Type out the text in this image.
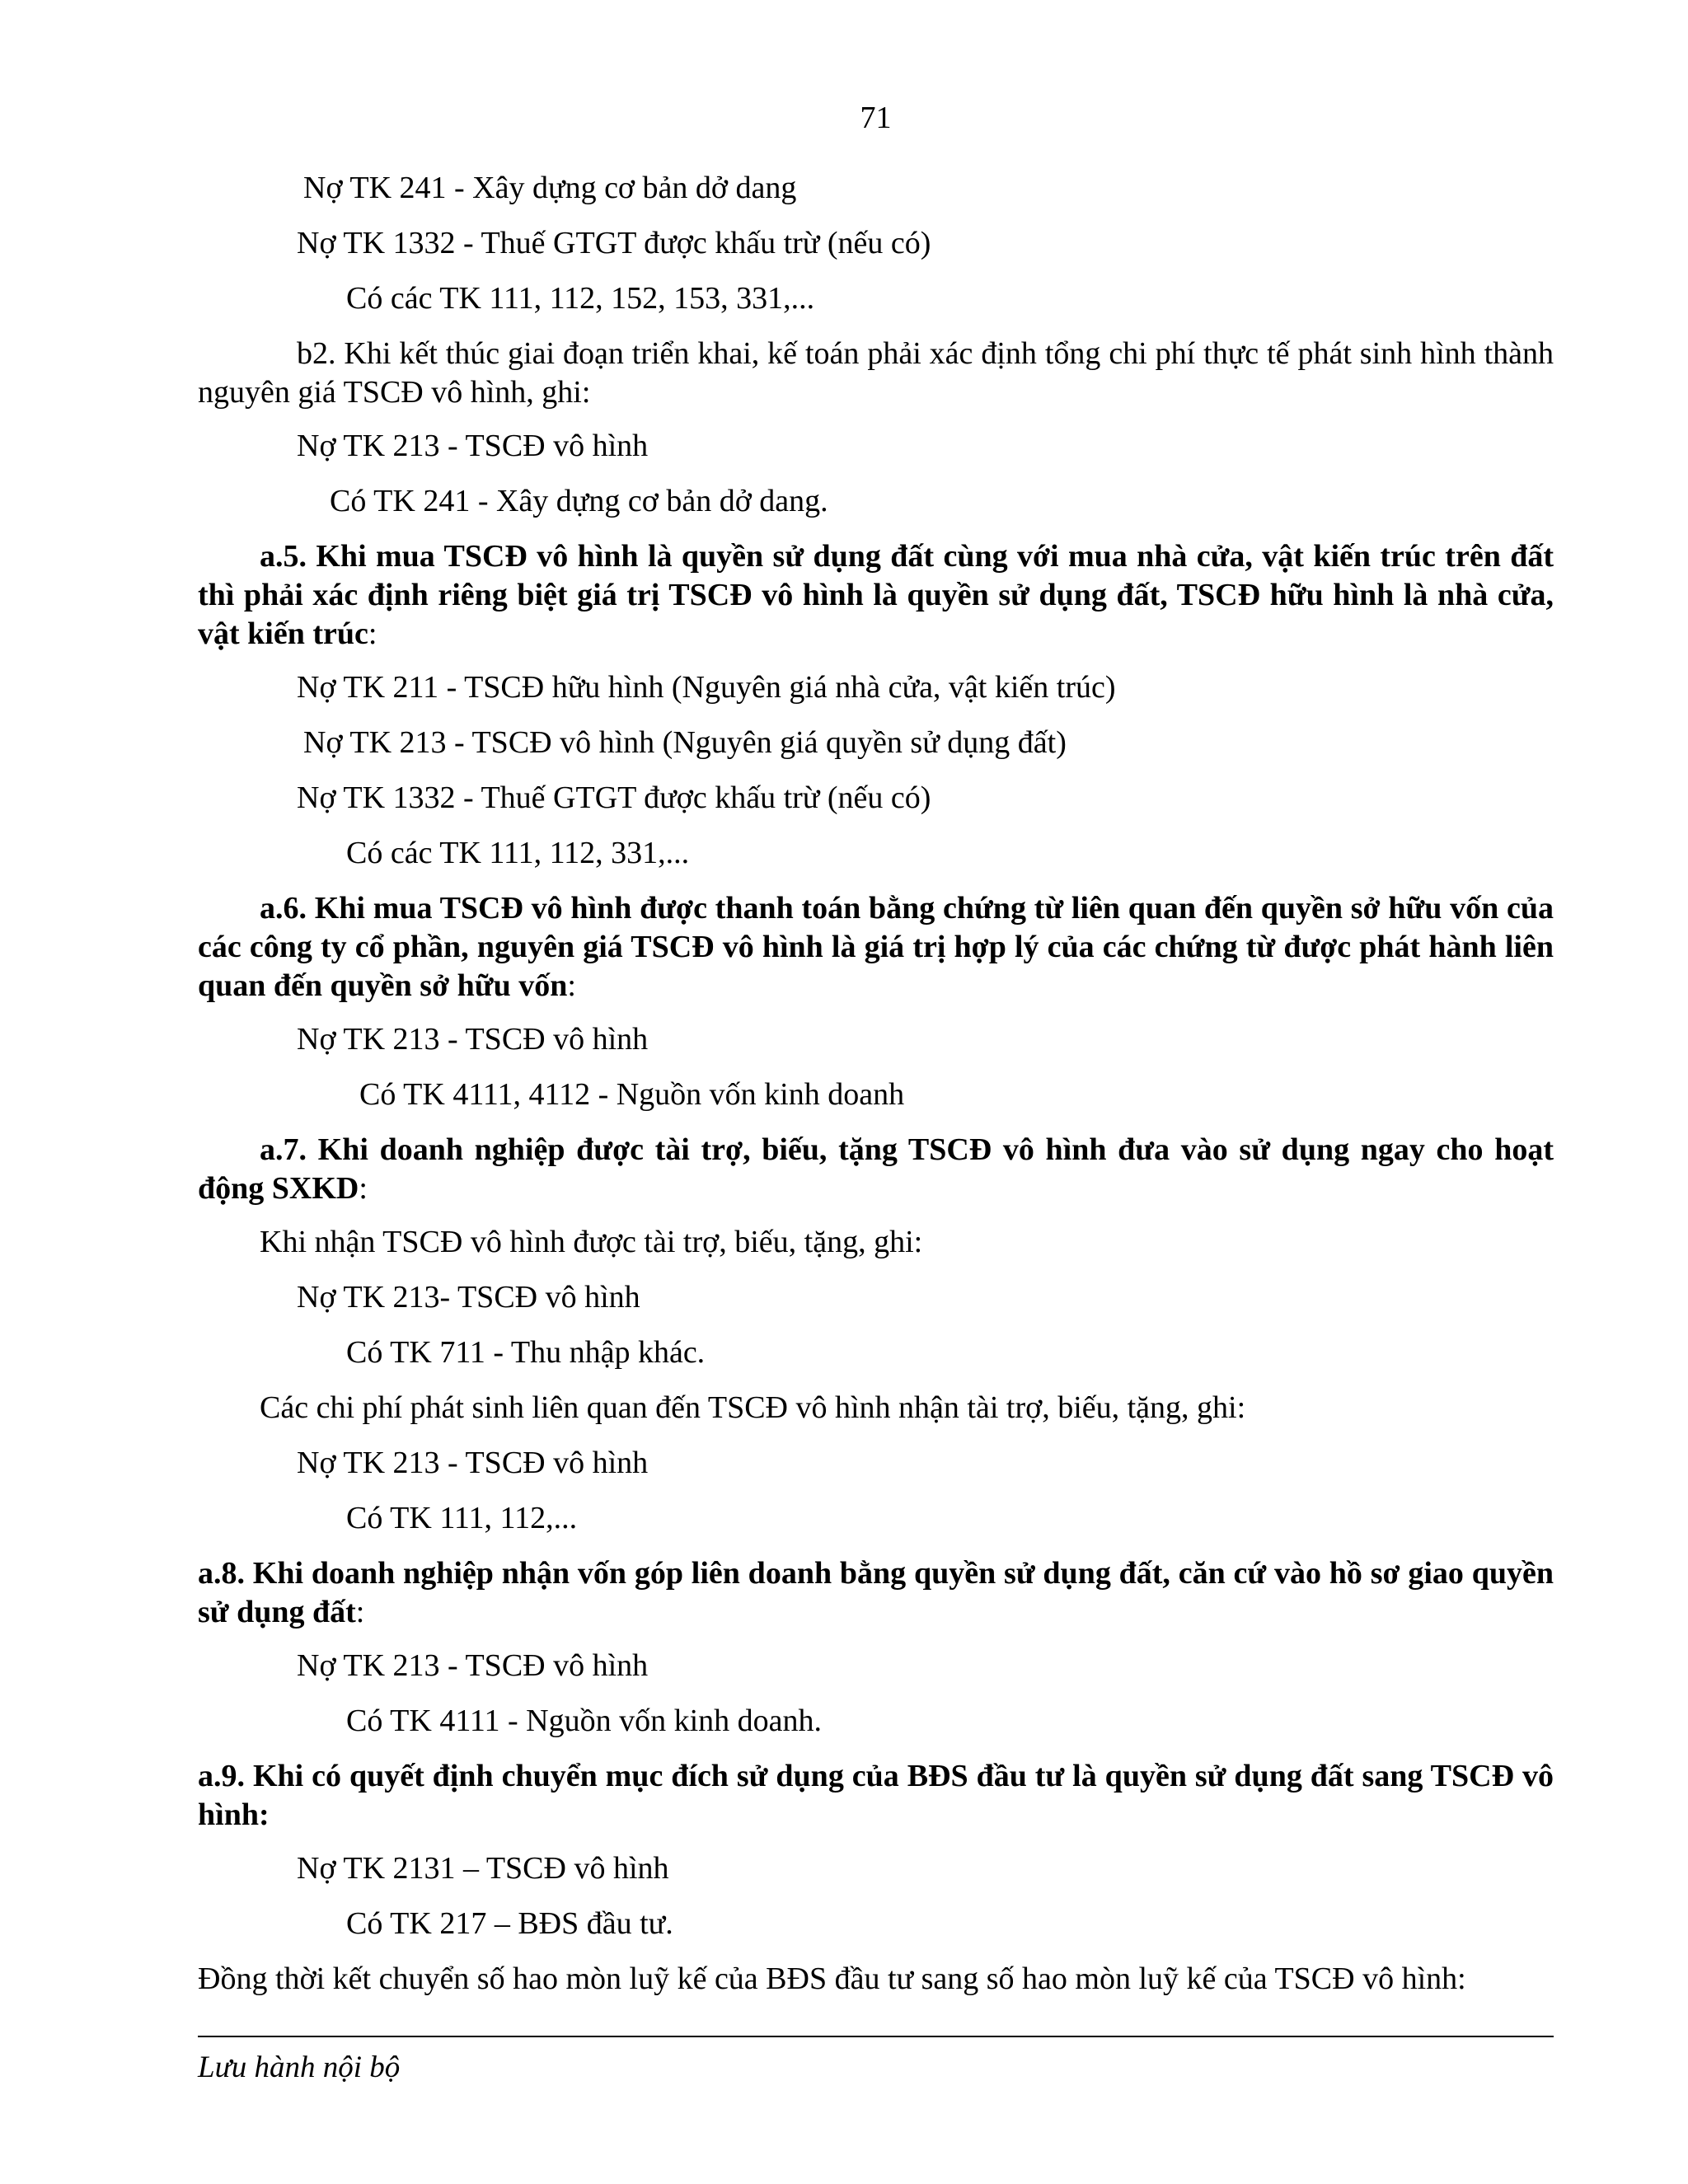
71

Nợ TK 241 - Xây dựng cơ bản dở dang

Nợ TK 1332 - Thuế GTGT được khấu trừ (nếu có)

Có các TK 111, 112, 152, 153, 331,...

b2. Khi kết thúc giai đoạn triển khai, kế toán phải xác định tổng chi phí thực tế phát sinh hình thành nguyên giá TSCĐ vô hình, ghi:

Nợ TK 213 - TSCĐ vô hình

Có TK 241 - Xây dựng cơ bản dở dang.

a.5. Khi mua TSCĐ vô hình là quyền sử dụng đất cùng với mua nhà cửa, vật kiến trúc trên đất thì phải xác định riêng biệt giá trị TSCĐ vô hình là quyền sử dụng đất, TSCĐ hữu hình là nhà cửa, vật kiến trúc:

Nợ TK 211 - TSCĐ hữu hình (Nguyên giá nhà cửa, vật kiến trúc)

Nợ TK 213 - TSCĐ vô hình (Nguyên giá quyền sử dụng đất)

Nợ TK 1332 - Thuế GTGT được khấu trừ (nếu có)

Có các TK 111, 112, 331,...

a.6. Khi mua TSCĐ vô hình được thanh toán bằng chứng từ liên quan đến quyền sở hữu vốn của các công ty cổ phần, nguyên giá TSCĐ vô hình là giá trị hợp lý của các chứng từ được phát hành liên quan đến quyền sở hữu vốn:

Nợ TK 213 - TSCĐ vô hình

Có TK 4111, 4112 - Nguồn vốn kinh doanh

a.7. Khi doanh nghiệp được tài trợ, biếu, tặng TSCĐ vô hình đưa vào sử dụng ngay cho hoạt động SXKD:

Khi nhận TSCĐ vô hình được tài trợ, biếu, tặng, ghi:

Nợ TK 213- TSCĐ vô hình

Có TK 711 - Thu nhập khác.

Các chi phí phát sinh liên quan đến TSCĐ vô hình nhận tài trợ, biếu, tặng, ghi:

Nợ TK 213 - TSCĐ vô hình

Có TK 111, 112,...

a.8. Khi doanh nghiệp nhận vốn góp liên doanh bằng quyền sử dụng đất, căn cứ vào hồ sơ giao quyền sử dụng đất:

Nợ TK 213 - TSCĐ vô hình

Có TK 4111 - Nguồn vốn kinh doanh.

a.9. Khi có quyết định chuyển mục đích sử dụng của BĐS đầu tư là quyền sử dụng đất sang TSCĐ vô hình:

Nợ TK 2131 – TSCĐ vô hình

Có TK 217 – BĐS đầu tư.

Đồng thời kết chuyển số hao mòn luỹ kế của BĐS đầu tư sang số hao mòn luỹ kế của TSCĐ vô hình:

Lưu hành nội bộ
